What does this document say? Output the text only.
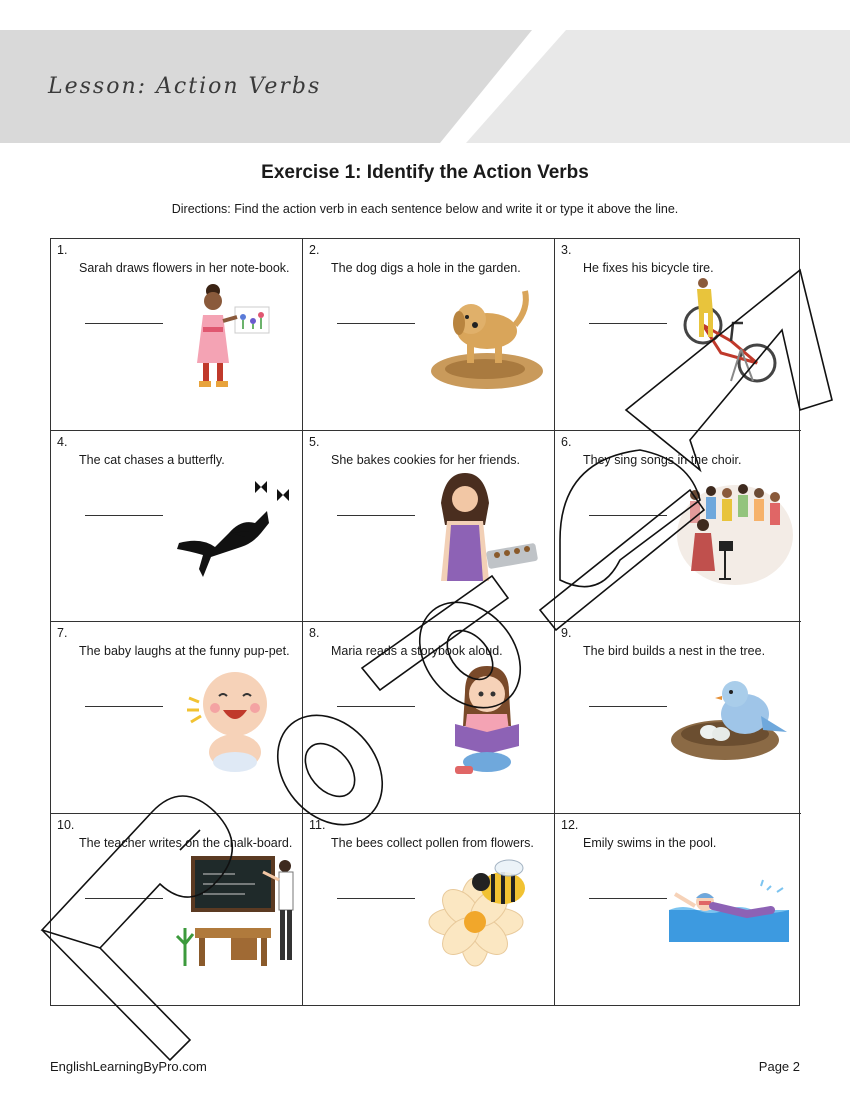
Lesson: Action Verbs
Exercise 1: Identify the Action Verbs
Directions: Find the action verb in each sentence below and write it or type it above the line.
1.
Sarah draws flowers in her note-book.
2.
The dog digs a hole in the garden.
3.
He fixes his bicycle tire.
4.
The cat chases a butterfly.
5.
She bakes cookies for her friends.
6.
They sing songs in the choir.
7.
The baby laughs at the funny pup-pet.
8.
Maria reads a storybook aloud.
9.
The bird builds a nest in the tree.
10.
The teacher writes on the chalk-board.
11.
The bees collect pollen from flowers.
12.
Emily swims in the pool.
EnglishLearningByPro.com	Page 2
